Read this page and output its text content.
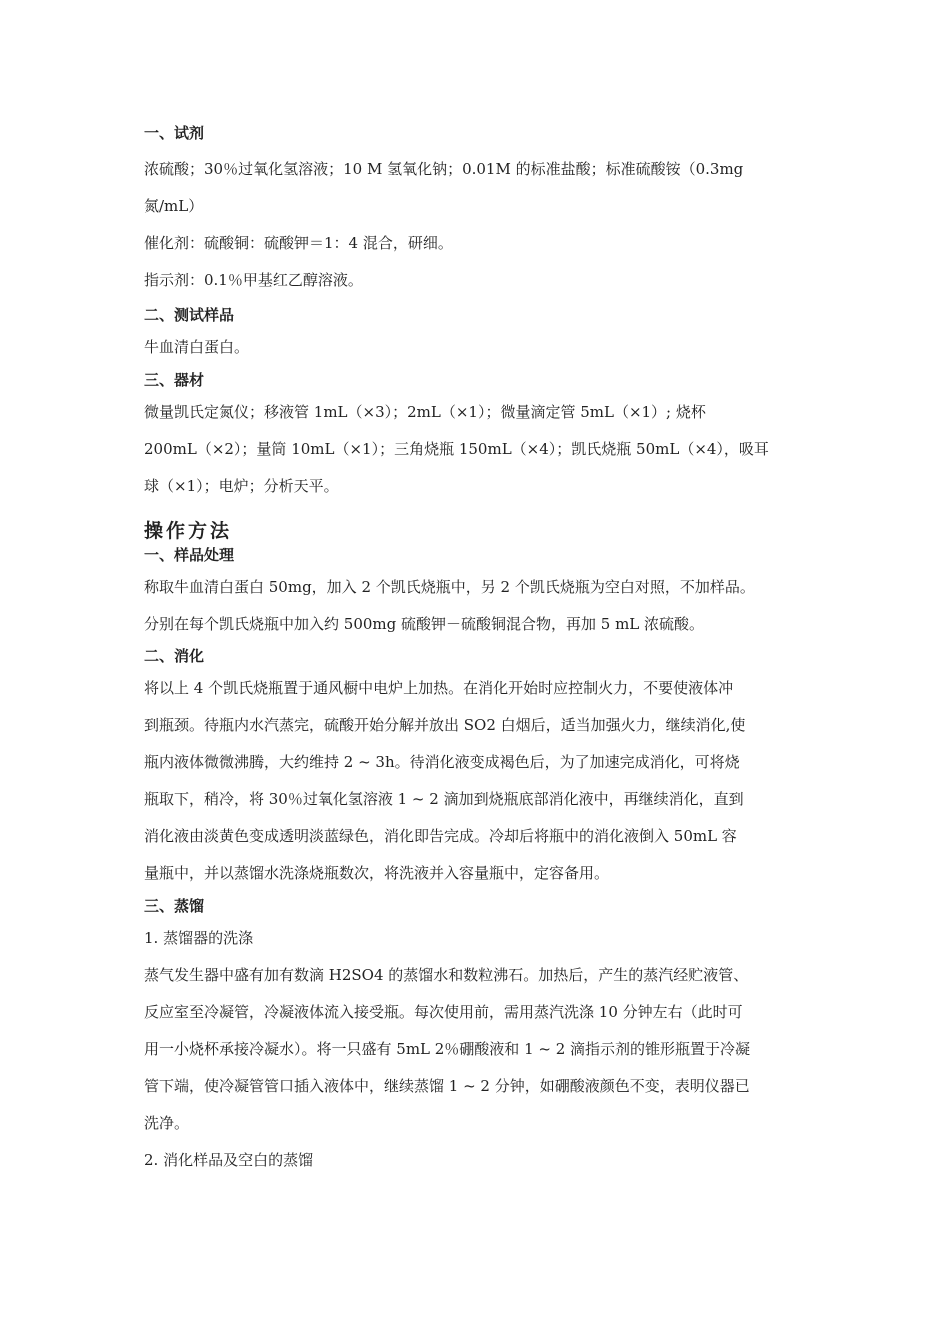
一、试剂

浓硫酸；30％过氧化氢溶液；10 M 氢氧化钠；0.01M 的标准盐酸；标准硫酸铵（0.3mg

氮/mL）

催化剂：硫酸铜：硫酸钾＝1：4 混合，研细。

指示剂：0.1％甲基红乙醇溶液。

二、测试样品

牛血清白蛋白。

三、器材

微量凯氏定氮仪；移液管 1mL（×3）；2mL（×1）；微量滴定管 5mL（×1）; 烧杯

200mL（×2）；量筒 10mL（×1）；三角烧瓶 150mL（×4）；凯氏烧瓶 50mL（×4），吸耳

球（×1）；电炉；分析天平。

操作方法

一、样品处理

称取牛血清白蛋白 50mg，加入 2 个凯氏烧瓶中，另 2 个凯氏烧瓶为空白对照，不加样品。

分别在每个凯氏烧瓶中加入约 500mg 硫酸钾－硫酸铜混合物，再加 5 mL 浓硫酸。

二、消化

将以上 4 个凯氏烧瓶置于通风橱中电炉上加热。在消化开始时应控制火力，不要使液体冲

到瓶颈。待瓶内水汽蒸完，硫酸开始分解并放出 SO2 白烟后，适当加强火力，继续消化,使

瓶内液体微微沸腾，大约维持 2 ~ 3h。待消化液变成褐色后，为了加速完成消化，可将烧

瓶取下，稍冷，将 30％过氧化氢溶液 1 ~ 2 滴加到烧瓶底部消化液中，再继续消化，直到

消化液由淡黄色变成透明淡蓝绿色，消化即告完成。冷却后将瓶中的消化液倒入 50mL 容

量瓶中，并以蒸馏水洗涤烧瓶数次，将洗液并入容量瓶中，定容备用。

三、蒸馏

1. 蒸馏器的洗涤

蒸气发生器中盛有加有数滴 H2SO4 的蒸馏水和数粒沸石。加热后，产生的蒸汽经贮液管、

反应室至冷凝管，冷凝液体流入接受瓶。每次使用前，需用蒸汽洗涤 10 分钟左右（此时可

用一小烧杯承接冷凝水）。将一只盛有 5mL 2％硼酸液和 1 ~ 2 滴指示剂的锥形瓶置于冷凝

管下端，使冷凝管管口插入液体中，继续蒸馏 1 ~ 2 分钟，如硼酸液颜色不变，表明仪器已

洗净。

2. 消化样品及空白的蒸馏
